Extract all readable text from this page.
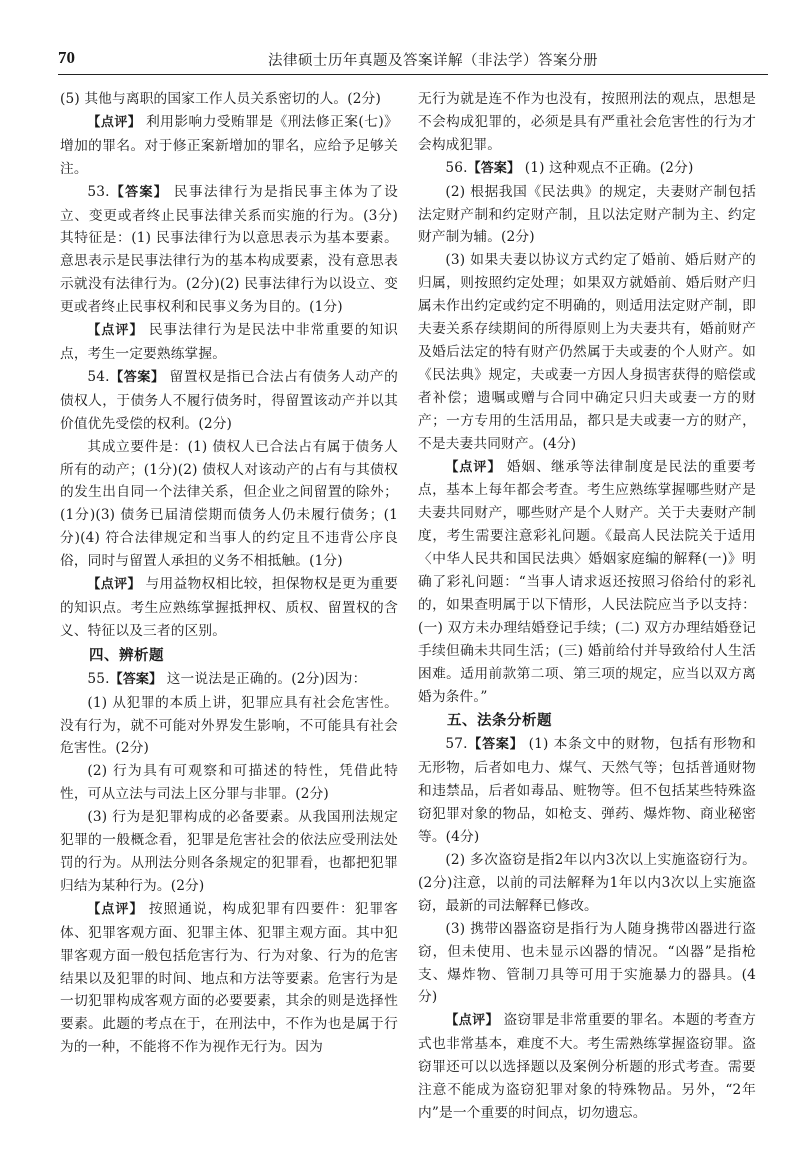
70	法律硕士历年真题及答案详解（非法学）答案分册

(5) 其他与离职的国家工作人员关系密切的人。(2分)

【点评】 利用影响力受贿罪是《刑法修正案(七)》增加的罪名。对于修正案新增加的罪名，应给予足够关注。

53.【答案】 民事法律行为是指民事主体为了设立、变更或者终止民事法律关系而实施的行为。(3分)其特征是：(1) 民事法律行为以意思表示为基本要素。意思表示是民事法律行为的基本构成要素，没有意思表示就没有法律行为。(2分)(2) 民事法律行为以设立、变更或者终止民事权利和民事义务为目的。(1分)

【点评】 民事法律行为是民法中非常重要的知识点，考生一定要熟练掌握。

54.【答案】 留置权是指已合法占有债务人动产的债权人，于债务人不履行债务时，得留置该动产并以其价值优先受偿的权利。(2分)

其成立要件是：(1) 债权人已合法占有属于债务人所有的动产；(1分)(2) 债权人对该动产的占有与其债权的发生出自同一个法律关系，但企业之间留置的除外；(1分)(3) 债务已届清偿期而债务人仍未履行债务；(1分)(4) 符合法律规定和当事人的约定且不违背公序良俗，同时与留置人承担的义务不相抵触。(1分)

【点评】 与用益物权相比较，担保物权是更为重要的知识点。考生应熟练掌握抵押权、质权、留置权的含义、特征以及三者的区别。

四、辨析题

55.【答案】 这一说法是正确的。(2分)因为：

(1) 从犯罪的本质上讲，犯罪应具有社会危害性。没有行为，就不可能对外界发生影响，不可能具有社会危害性。(2分)

(2) 行为具有可观察和可描述的特性，凭借此特性，可从立法与司法上区分罪与非罪。(2分)

(3) 行为是犯罪构成的必备要素。从我国刑法规定犯罪的一般概念看，犯罪是危害社会的依法应受刑法处罚的行为。从刑法分则各条规定的犯罪看，也都把犯罪归结为某种行为。(2分)

【点评】 按照通说，构成犯罪有四要件：犯罪客体、犯罪客观方面、犯罪主体、犯罪主观方面。其中犯罪客观方面一般包括危害行为、行为对象、行为的危害结果以及犯罪的时间、地点和方法等要素。危害行为是一切犯罪构成客观方面的必要要素，其余的则是选择性要素。此题的考点在于，在刑法中，不作为也是属于行为的一种，不能将不作为视作无行为。因为

无行为就是连不作为也没有，按照刑法的观点，思想是不会构成犯罪的，必须是具有严重社会危害性的行为才会构成犯罪。

56.【答案】 (1) 这种观点不正确。(2分)

(2) 根据我国《民法典》的规定，夫妻财产制包括法定财产制和约定财产制，且以法定财产制为主、约定财产制为辅。(2分)

(3) 如果夫妻以协议方式约定了婚前、婚后财产的归属，则按照约定处理；如果双方就婚前、婚后财产归属未作出约定或约定不明确的，则适用法定财产制，即夫妻关系存续期间的所得原则上为夫妻共有，婚前财产及婚后法定的特有财产仍然属于夫或妻的个人财产。如《民法典》规定，夫或妻一方因人身损害获得的赔偿或者补偿；遗嘱或赠与合同中确定只归夫或妻一方的财产；一方专用的生活用品，都只是夫或妻一方的财产，不是夫妻共同财产。(4分)

【点评】 婚姻、继承等法律制度是民法的重要考点，基本上每年都会考查。考生应熟练掌握哪些财产是夫妻共同财产，哪些财产是个人财产。关于夫妻财产制度，考生需要注意彩礼问题。《最高人民法院关于适用〈中华人民共和国民法典〉婚姻家庭编的解释(一)》明确了彩礼问题：“当事人请求返还按照习俗给付的彩礼的，如果查明属于以下情形，人民法院应当予以支持：(一) 双方未办理结婚登记手续；(二) 双方办理结婚登记手续但确未共同生活；(三) 婚前给付并导致给付人生活困难。适用前款第二项、第三项的规定，应当以双方离婚为条件。”

五、法条分析题

57.【答案】 (1) 本条文中的财物，包括有形物和无形物，后者如电力、煤气、天然气等；包括普通财物和违禁品，后者如毒品、赃物等。但不包括某些特殊盗窃犯罪对象的物品，如枪支、弹药、爆炸物、商业秘密等。(4分)

(2) 多次盗窃是指2年以内3次以上实施盗窃行为。(2分)注意，以前的司法解释为1年以内3次以上实施盗窃，最新的司法解释已修改。

(3) 携带凶器盗窃是指行为人随身携带凶器进行盗窃，但未使用、也未显示凶器的情况。“凶器”是指枪支、爆炸物、管制刀具等可用于实施暴力的器具。(4分)

【点评】 盗窃罪是非常重要的罪名。本题的考查方式也非常基本，难度不大。考生需熟练掌握盗窃罪。盗窃罪还可以以选择题以及案例分析题的形式考查。需要注意不能成为盗窃犯罪对象的特殊物品。另外，“2年内”是一个重要的时间点，切勿遗忘。
